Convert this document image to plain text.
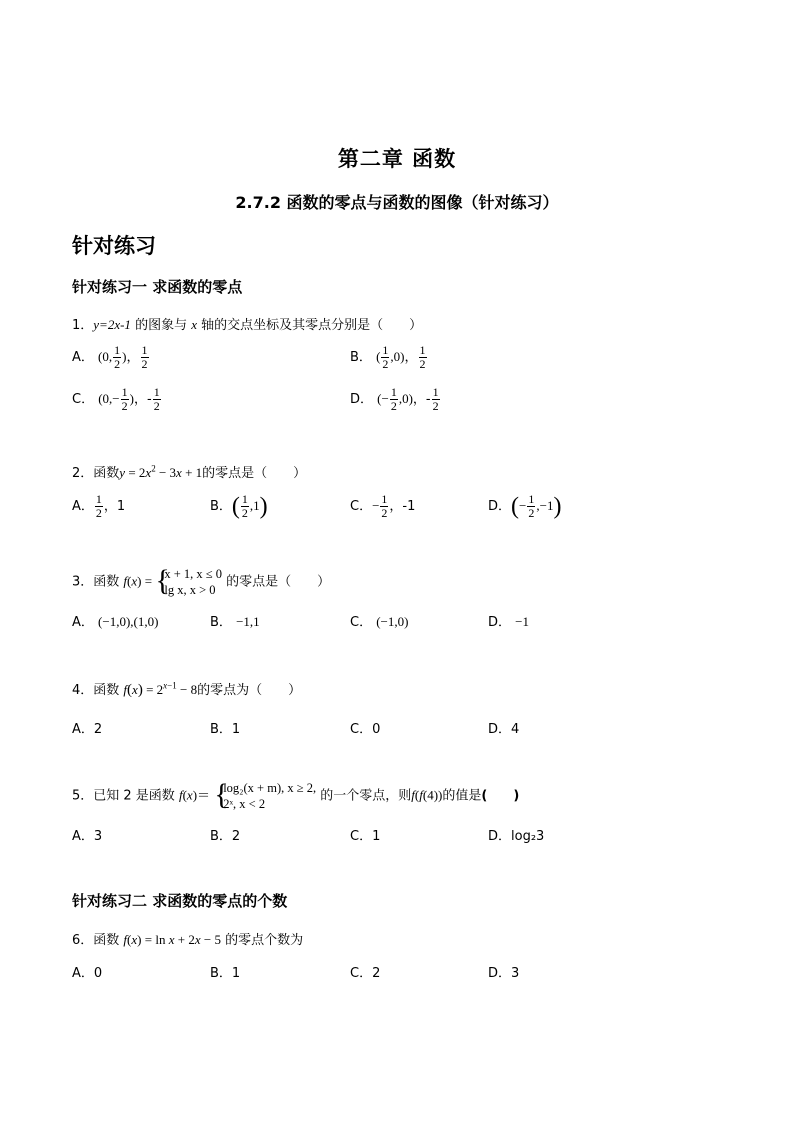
第二章 函数
2.7.2 函数的零点与函数的图像（针对练习）
针对练习
针对练习一 求函数的零点
1．y=2x-1 的图象与 x 轴的交点坐标及其零点分别是（　　）
A． (0, $\frac{1}{2}$ )， $\frac{1}{2}$	B． ( $\frac{1}{2} ,0$)， $\frac{1}{2}$
C． ($0,- \frac{1}{2}$ )，- $\frac{1}{2}$	D． (− $\frac{1}{2} ,0$)，- $\frac{1}{2}$
2．函数$y = 2x^2 - 3x + 1$的零点是（　　）
A． $\frac{1}{2}$ ，1	B．( $\frac{1}{2} ,1$)	C．− $\frac{1}{2}$ ，-1	D．(− $\frac{1}{2} ,-1$)
3．函数 f(x) = {
x + 1, x ≤ 0
lg x, x > 0
的零点是（　　）
A． (−1,0),(1,0)	B． −1,1	C． (−1,0)	D． −1
4．函数 $f(x) = 2^{x-1} - 8$的零点为（　　）
A．2	B．1	C．0	D．4
5．已知 2 是函数 f(x)＝ {
log₂(x + m), x ≥ 2,
2ˣ, x < 2
的一个零点，则f(f(4))的值是(　　)
A．3	B．2	C．1	D．log₂3
针对练习二 求函数的零点的个数
6．函数 f(x) = ln x + 2x − 5 的零点个数为
A．0	B．1	C．2	D．3
